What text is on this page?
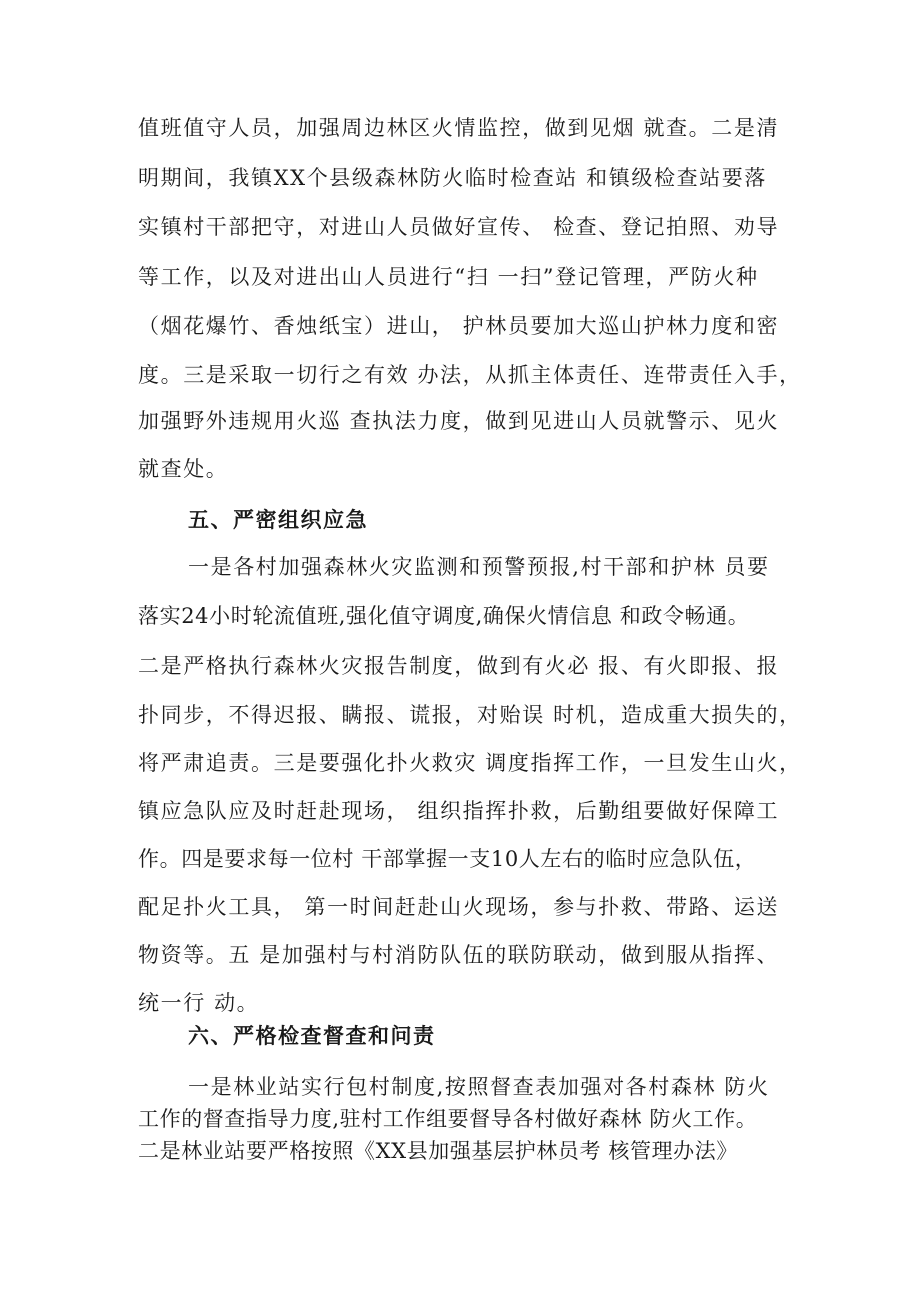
值班值守人员，加强周边林区火情监控，做到见烟 就查。二是清
明期间，我镇XX个县级森林防火临时检查站 和镇级检查站要落
实镇村干部把守，对进山人员做好宣传、 检查、登记拍照、劝导
等工作，以及对进出山人员进行“扫 一扫”登记管理，严防火种
（烟花爆竹、香烛纸宝）进山， 护林员要加大巡山护林力度和密
度。三是采取一切行之有效 办法，从抓主体责任、连带责任入手，
加强野外违规用火巡 查执法力度，做到见进山人员就警示、见火
就查处。
五、严密组织应急
一是各村加强森林火灾监测和预警预报,村干部和护林 员要
落实24小时轮流值班,强化值守调度,确保火情信息 和政令畅通。
二是严格执行森林火灾报告制度，做到有火必 报、有火即报、报
扑同步，不得迟报、瞒报、谎报，对贻误 时机，造成重大损失的，
将严肃追责。三是要强化扑火救灾 调度指挥工作，一旦发生山火，
镇应急队应及时赶赴现场， 组织指挥扑救，后勤组要做好保障工
作。四是要求每一位村 干部掌握一支10人左右的临时应急队伍，
配足扑火工具， 第一时间赶赴山火现场，参与扑救、带路、运送
物资等。五 是加强村与村消防队伍的联防联动，做到服从指挥、
统一行 动。
六、严格检查督查和问责
一是林业站实行包村制度,按照督查表加强对各村森林 防火
工作的督查指导力度,驻村工作组要督导各村做好森林 防火工作。
二是林业站要严格按照《XX县加强基层护林员考 核管理办法》
